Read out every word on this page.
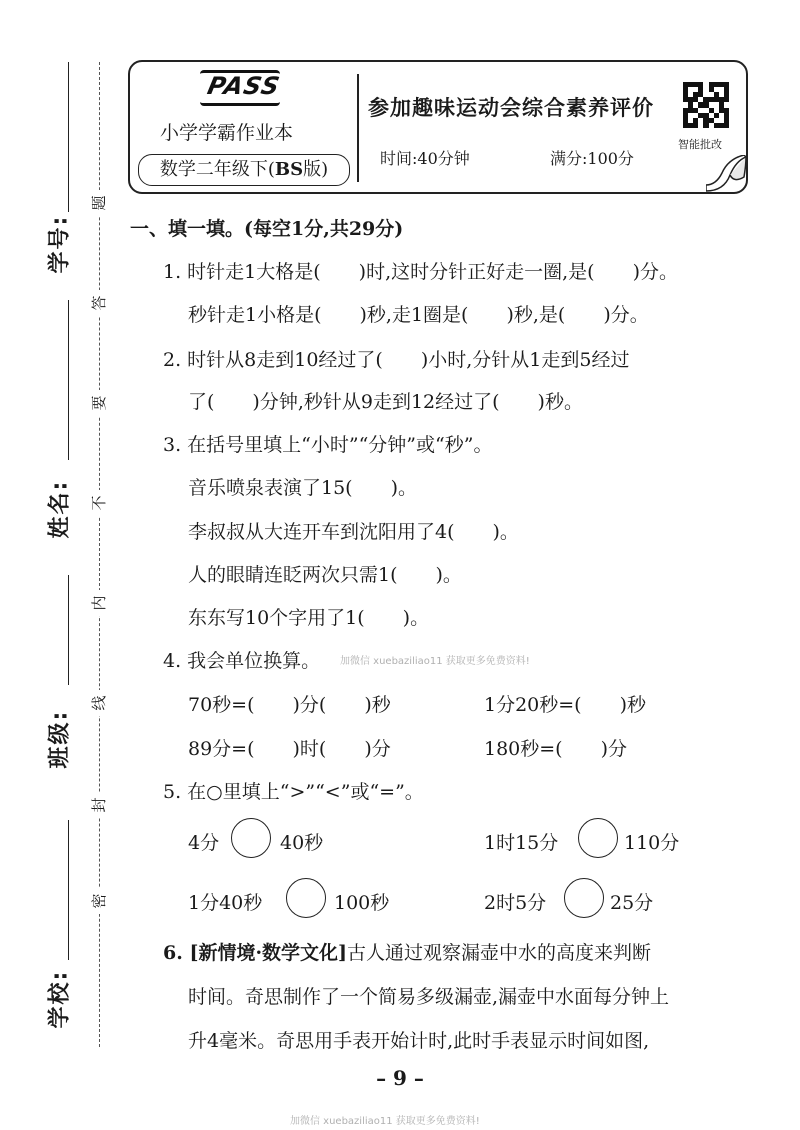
学号:
姓名:
班级:
学校:
题
答
要
不
内
线
封
密
PASS
小学学霸作业本
数学二年级下(BS版)
参加趣味运动会综合素养评价
时间:40分钟	满分:100分
智能批改
一、填一填。(每空1分,共29分)
1. 时针走1大格是(　　)时,这时分针正好走一圈,是(　　)分。
秒针走1小格是(　　)秒,走1圈是(　　)秒,是(　　)分。
2. 时针从8走到10经过了(　　)小时,分针从1走到5经过
了(　　)分钟,秒针从9走到12经过了(　　)秒。
3. 在括号里填上“小时”“分钟”或“秒”。
音乐喷泉表演了15(　　)。
李叔叔从大连开车到沈阳用了4(　　)。
人的眼睛连眨两次只需1(　　)。
东东写10个字用了1(　　)。
4. 我会单位换算。 加微信 xuebaziliao11 获取更多免费资料!
70秒=(　　)分(　　)秒	1分20秒=(　　)秒
89分=(　　)时(　　)分	180秒=(　　)分
5. 在○里填上“>”“<”或“=”。
4分	40秒	1时15分	110分
1分40秒	100秒	2时5分	25分
6. [新情境·数学文化]古人通过观察漏壶中水的高度来判断
时间。奇思制作了一个简易多级漏壶,漏壶中水面每分钟上
升4毫米。奇思用手表开始计时,此时手表显示时间如图,
– 9 –
加微信 xuebaziliao11 获取更多免费资料!
